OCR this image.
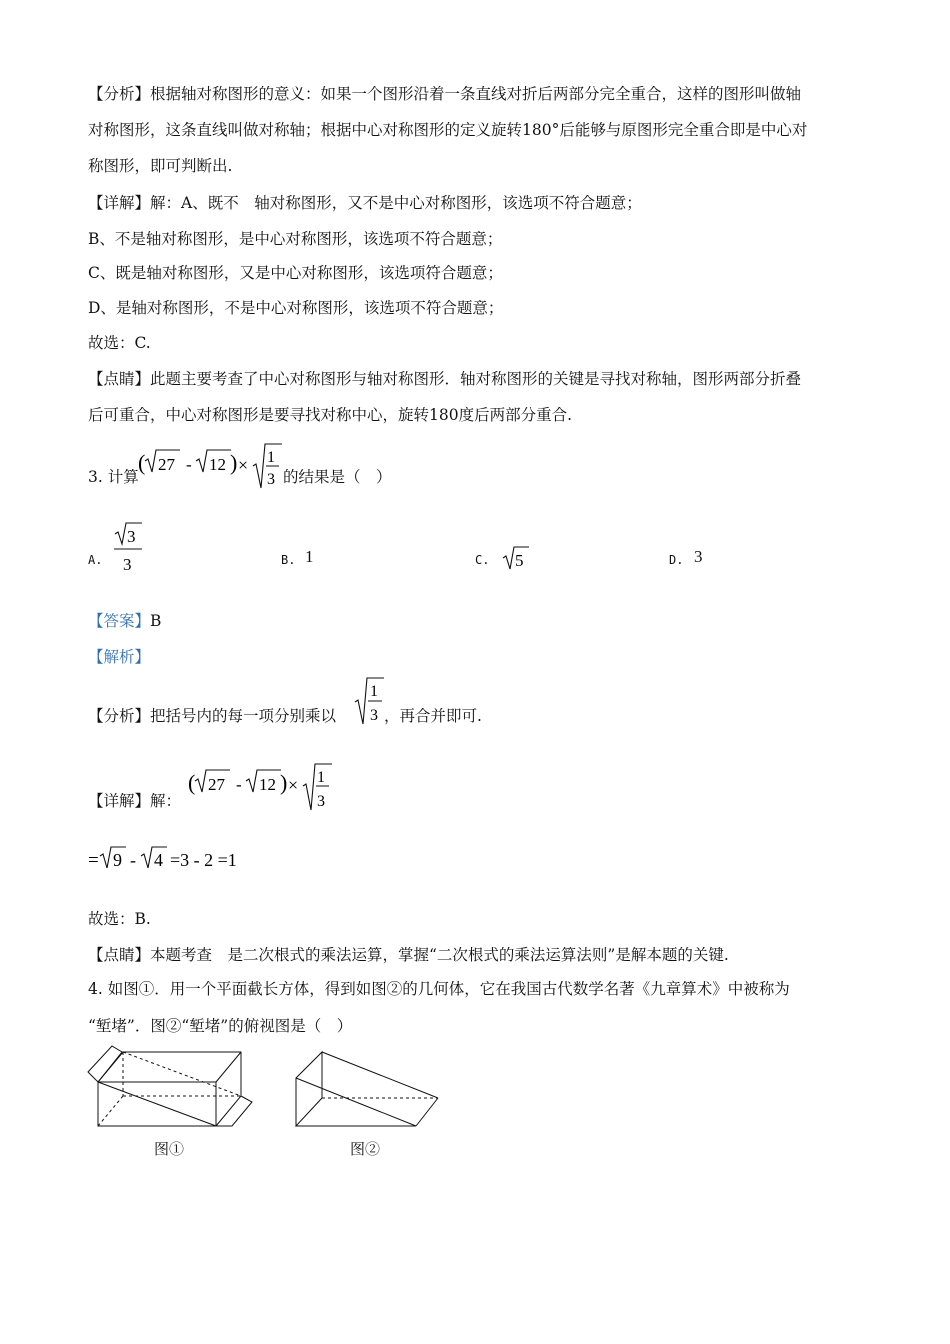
【分析】根据轴对称图形的意义：如果一个图形沿着一条直线对折后两部分完全重合，这样的图形叫做轴
对称图形，这条直线叫做对称轴；根据中心对称图形的定义旋转180°后能够与原图形完全重合即是中心对
称图形，即可判断出.
【详解】解：A、既不　轴对称图形，又不是中心对称图形，该选项不符合题意；
B、不是轴对称图形，是中心对称图形，该选项不符合题意；
C、既是轴对称图形，又是中心对称图形，该选项符合题意；
D、是轴对称图形，不是中心对称图形，该选项不符合题意；
故选：C.
【点睛】此题主要考查了中心对称图形与轴对称图形．轴对称图形的关键是寻找对称轴，图形两部分折叠
后可重合，中心对称图形是要寻找对称中心，旋转180度后两部分重合.
3. 计算
( 27 - 12 ) × 1
3 的结果是（　）
A.
3
3	B. 1	C. 5	D. 3
【答案】B
【解析】
【分析】把括号内的每一项分别乘以
1
3 ，再合并即可.
【详解】解：
( 27 - 12 ) × 1
3
= 9 - 4 =3 - 2 =1
故选：B.
【点睛】本题考查　是二次根式的乘法运算，掌握“二次根式的乘法运算法则”是解本题的关键.
4. 如图①．用一个平面截长方体，得到如图②的几何体，它在我国古代数学名著《九章算术》中被称为
“堑堵”．图②“堑堵”的俯视图是（　）
图①	图②
